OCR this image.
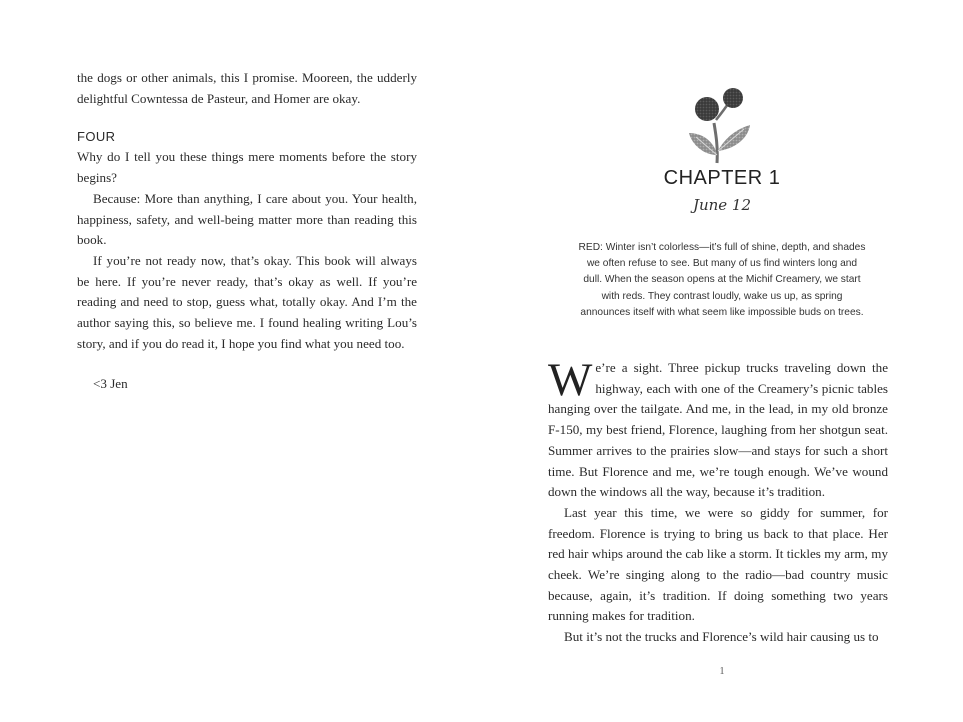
the dogs or other animals, this I promise. Mooreen, the udderly delightful Cowntessa de Pasteur, and Homer are okay.

FOUR

Why do I tell you these things mere moments before the story begins?

Because: More than anything, I care about you. Your health, happiness, safety, and well-being matter more than reading this book.

If you’re not ready now, that’s okay. This book will always be here. If you’re never ready, that’s okay as well. If you’re reading and need to stop, guess what, totally okay. And I’m the author saying this, so believe me. I found healing writing Lou’s story, and if you do read it, I hope you find what you need too.

<3 Jen

CHAPTER 1
June 12
RED: Winter isn’t colorless—it’s full of shine, depth, and shades we often refuse to see. But many of us find winters long and dull. When the season opens at the Michif Creamery, we start with reds. They contrast loudly, wake us up, as spring announces itself with what seem like impossible buds on trees.

We’re a sight. Three pickup trucks traveling down the highway, each with one of the Creamery’s picnic tables hanging over the tailgate. And me, in the lead, in my old bronze F-150, my best friend, Florence, laughing from her shotgun seat. Summer arrives to the prairies slow—and stays for such a short time. But Florence and me, we’re tough enough. We’ve wound down the windows all the way, because it’s tradition.

Last year this time, we were so giddy for summer, for freedom. Florence is trying to bring us back to that place. Her red hair whips around the cab like a storm. It tickles my arm, my cheek. We’re singing along to the radio—bad country music because, again, it’s tradition. If doing something two years running makes for tradition.

But it’s not the trucks and Florence’s wild hair causing us to

1
